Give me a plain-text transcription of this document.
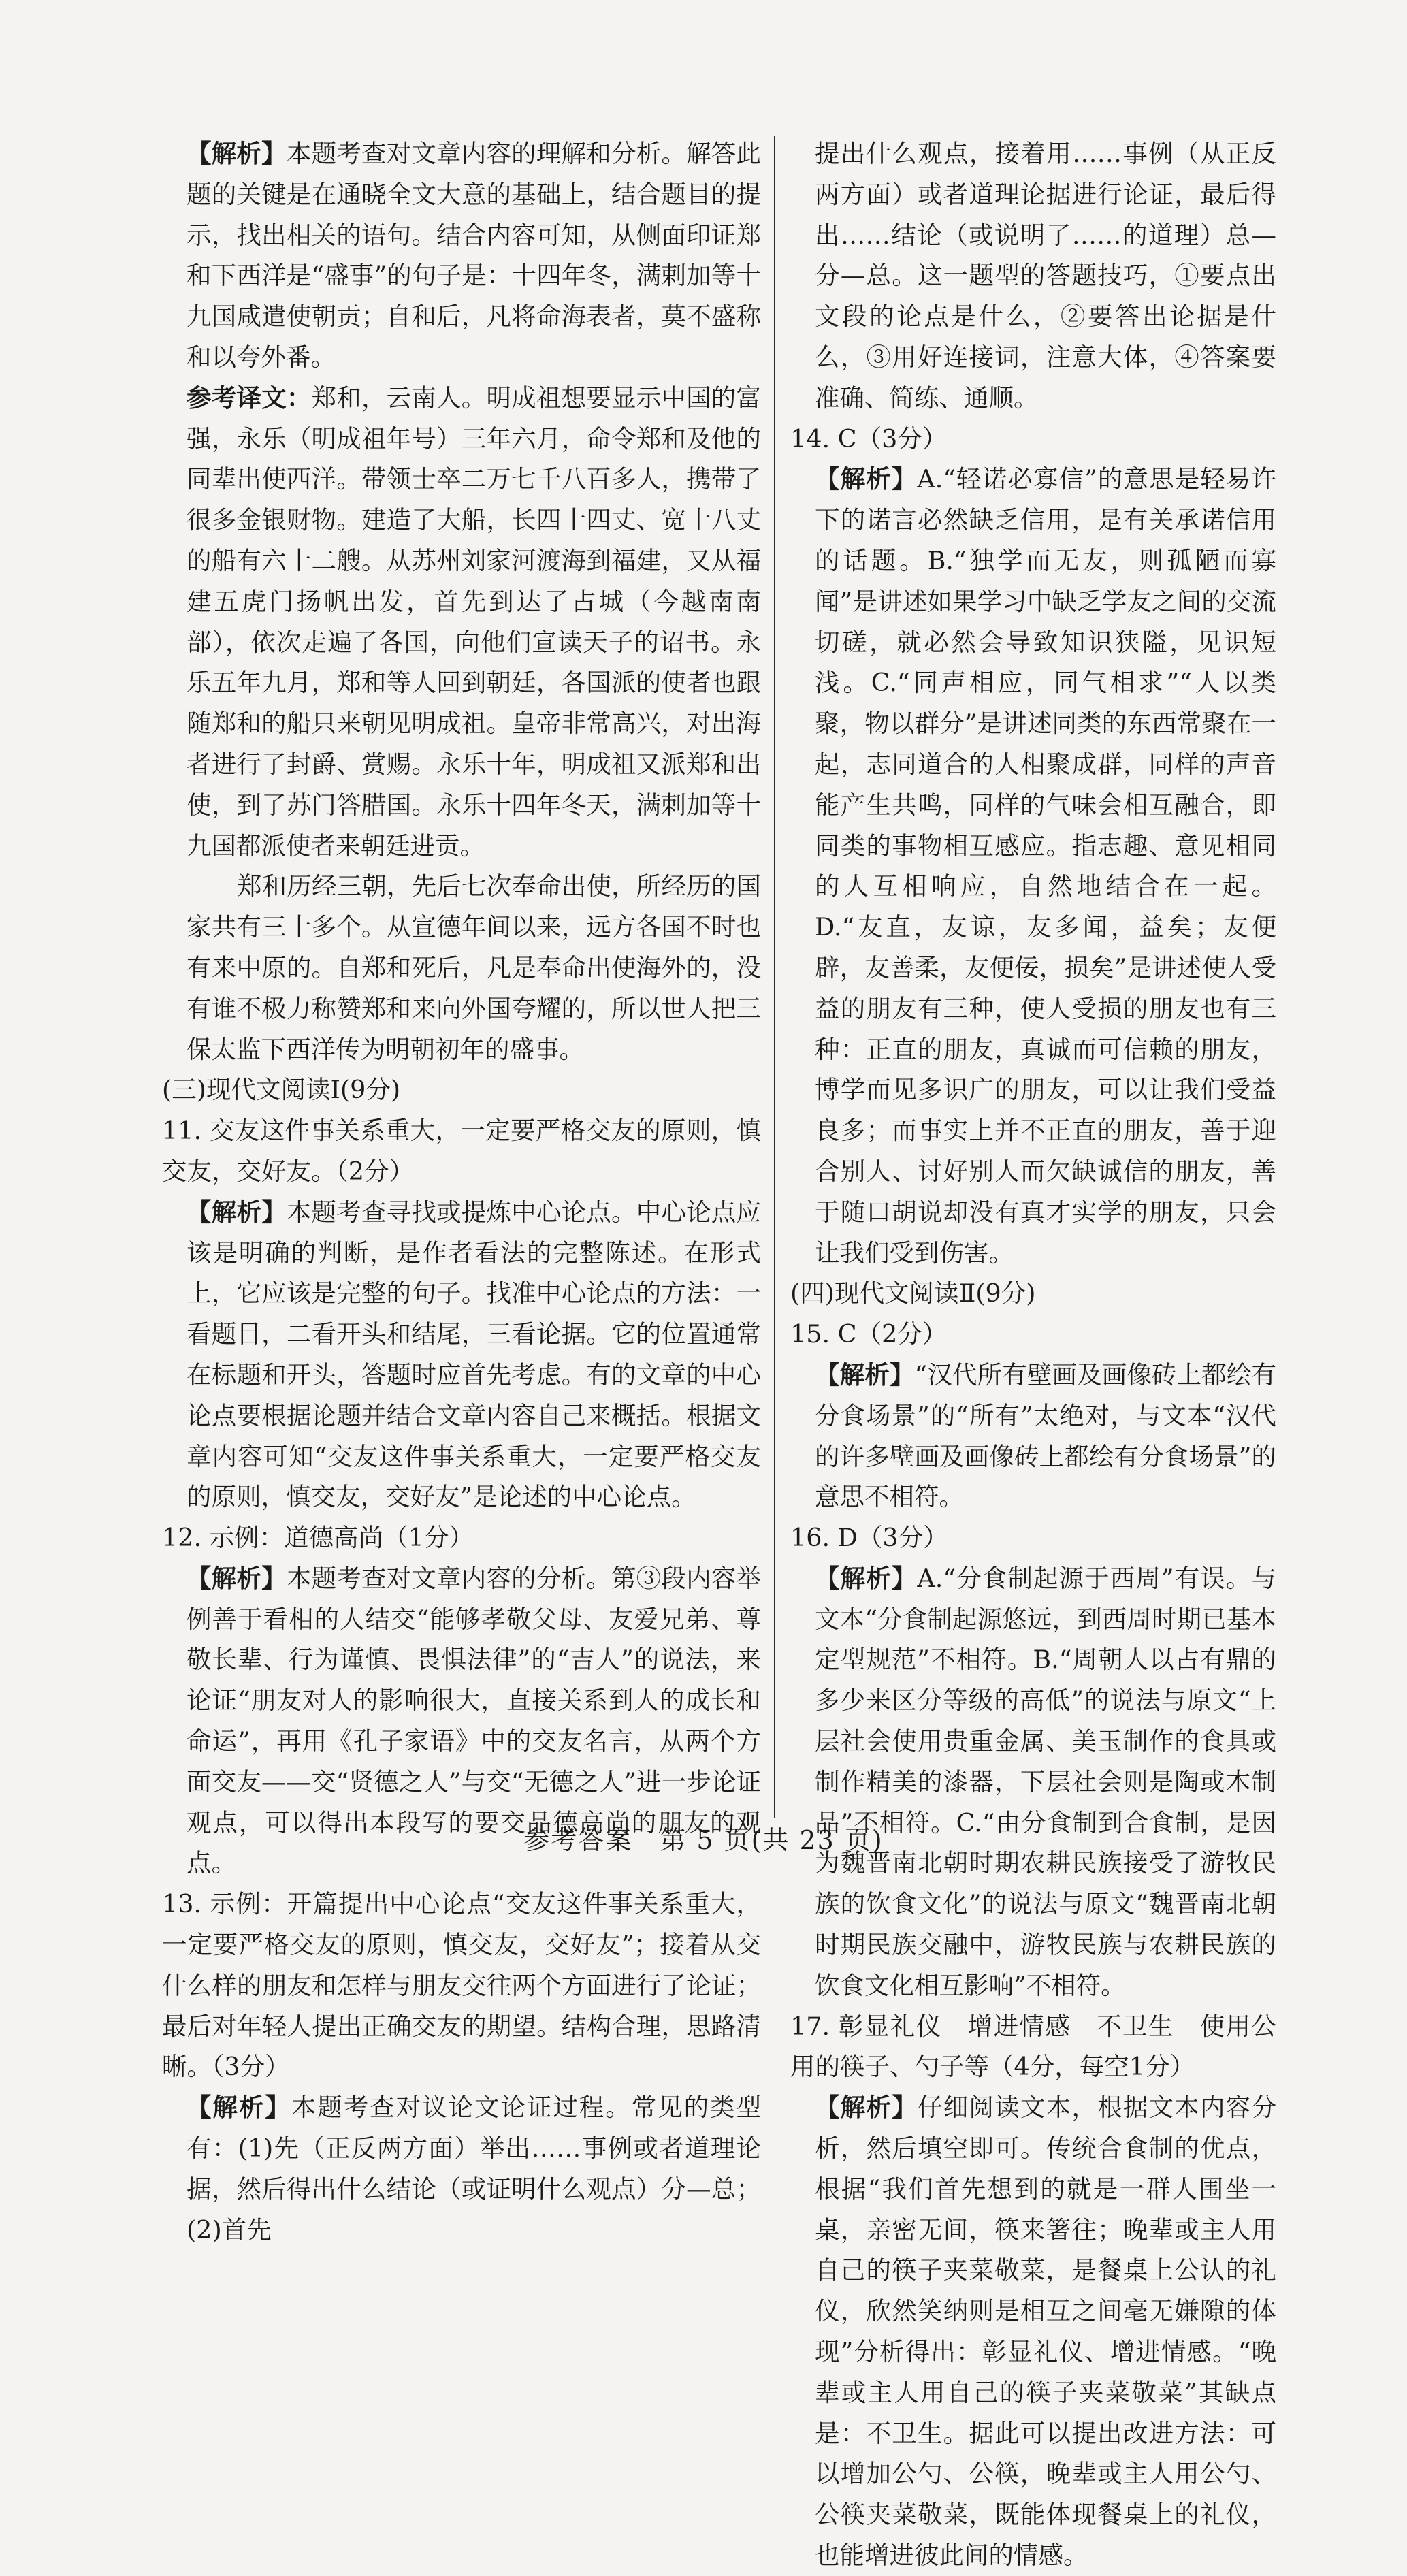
【解析】本题考查对文章内容的理解和分析。解答此题的关键是在通晓全文大意的基础上，结合题目的提示，找出相关的语句。结合内容可知，从侧面印证郑和下西洋是“盛事”的句子是：十四年冬，满剌加等十九国咸遣使朝贡；自和后，凡将命海表者，莫不盛称和以夸外番。
参考译文：郑和，云南人。明成祖想要显示中国的富强，永乐（明成祖年号）三年六月，命令郑和及他的同辈出使西洋。带领士卒二万七千八百多人，携带了很多金银财物。建造了大船，长四十四丈、宽十八丈的船有六十二艘。从苏州刘家河渡海到福建，又从福建五虎门扬帆出发，首先到达了占城（今越南南部），依次走遍了各国，向他们宣读天子的诏书。永乐五年九月，郑和等人回到朝廷，各国派的使者也跟随郑和的船只来朝见明成祖。皇帝非常高兴，对出海者进行了封爵、赏赐。永乐十年，明成祖又派郑和出使，到了苏门答腊国。永乐十四年冬天，满剌加等十九国都派使者来朝廷进贡。
郑和历经三朝，先后七次奉命出使，所经历的国家共有三十多个。从宣德年间以来，远方各国不时也有来中原的。自郑和死后，凡是奉命出使海外的，没有谁不极力称赞郑和来向外国夸耀的，所以世人把三保太监下西洋传为明朝初年的盛事。
(三)现代文阅读Ⅰ(9分)
11. 交友这件事关系重大，一定要严格交友的原则，慎交友，交好友。（2分）
【解析】本题考查寻找或提炼中心论点。中心论点应该是明确的判断，是作者看法的完整陈述。在形式上，它应该是完整的句子。找准中心论点的方法：一看题目，二看开头和结尾，三看论据。它的位置通常在标题和开头，答题时应首先考虑。有的文章的中心论点要根据论题并结合文章内容自己来概括。根据文章内容可知“交友这件事关系重大，一定要严格交友的原则，慎交友，交好友”是论述的中心论点。
12. 示例：道德高尚（1分）
【解析】本题考查对文章内容的分析。第③段内容举例善于看相的人结交“能够孝敬父母、友爱兄弟、尊敬长辈、行为谨慎、畏惧法律”的“吉人”的说法，来论证“朋友对人的影响很大，直接关系到人的成长和命运”，再用《孔子家语》中的交友名言，从两个方面交友——交“贤德之人”与交“无德之人”进一步论证观点，可以得出本段写的要交品德高尚的朋友的观点。
13. 示例：开篇提出中心论点“交友这件事关系重大，一定要严格交友的原则，慎交友，交好友”；接着从交什么样的朋友和怎样与朋友交往两个方面进行了论证；最后对年轻人提出正确交友的期望。结构合理，思路清晰。（3分）
【解析】本题考查对议论文论证过程。常见的类型有：(1)先（正反两方面）举出……事例或者道理论据，然后得出什么结论（或证明什么观点）分—总；(2)首先
提出什么观点，接着用……事例（从正反两方面）或者道理论据进行论证，最后得出……结论（或说明了……的道理）总—分—总。这一题型的答题技巧，①要点出文段的论点是什么，②要答出论据是什么，③用好连接词，注意大体，④答案要准确、简练、通顺。
14. C（3分）
【解析】A.“轻诺必寡信”的意思是轻易许下的诺言必然缺乏信用，是有关承诺信用的话题。B.“独学而无友，则孤陋而寡闻”是讲述如果学习中缺乏学友之间的交流切磋，就必然会导致知识狭隘，见识短浅。C.“同声相应，同气相求”“人以类聚，物以群分”是讲述同类的东西常聚在一起，志同道合的人相聚成群，同样的声音能产生共鸣，同样的气味会相互融合，即同类的事物相互感应。指志趣、意见相同的人互相响应，自然地结合在一起。D.“友直，友谅，友多闻，益矣；友便辟，友善柔，友便佞，损矣”是讲述使人受益的朋友有三种，使人受损的朋友也有三种：正直的朋友，真诚而可信赖的朋友，博学而见多识广的朋友，可以让我们受益良多；而事实上并不正直的朋友，善于迎合别人、讨好别人而欠缺诚信的朋友，善于随口胡说却没有真才实学的朋友，只会让我们受到伤害。
(四)现代文阅读Ⅱ(9分)
15. C（2分）
【解析】“汉代所有壁画及画像砖上都绘有分食场景”的“所有”太绝对，与文本“汉代的许多壁画及画像砖上都绘有分食场景”的意思不相符。
16. D（3分）
【解析】A.“分食制起源于西周”有误。与文本“分食制起源悠远，到西周时期已基本定型规范”不相符。B.“周朝人以占有鼎的多少来区分等级的高低”的说法与原文“上层社会使用贵重金属、美玉制作的食具或制作精美的漆器，下层社会则是陶或木制品”不相符。C.“由分食制到合食制，是因为魏晋南北朝时期农耕民族接受了游牧民族的饮食文化”的说法与原文“魏晋南北朝时期民族交融中，游牧民族与农耕民族的饮食文化相互影响”不相符。
17. 彰显礼仪　增进情感　不卫生　使用公用的筷子、勺子等（4分，每空1分）
【解析】仔细阅读文本，根据文本内容分析，然后填空即可。传统合食制的优点，根据“我们首先想到的就是一群人围坐一桌，亲密无间，筷来箸往；晚辈或主人用自己的筷子夹菜敬菜，是餐桌上公认的礼仪，欣然笑纳则是相互之间毫无嫌隙的体现”分析得出：彰显礼仪、增进情感。“晚辈或主人用自己的筷子夹菜敬菜”其缺点是：不卫生。据此可以提出改进方法：可以增加公勺、公筷，晚辈或主人用公勺、公筷夹菜敬菜，既能体现餐桌上的礼仪，也能增进彼此间的情感。
参考答案　第 5 页(共 23 页)
